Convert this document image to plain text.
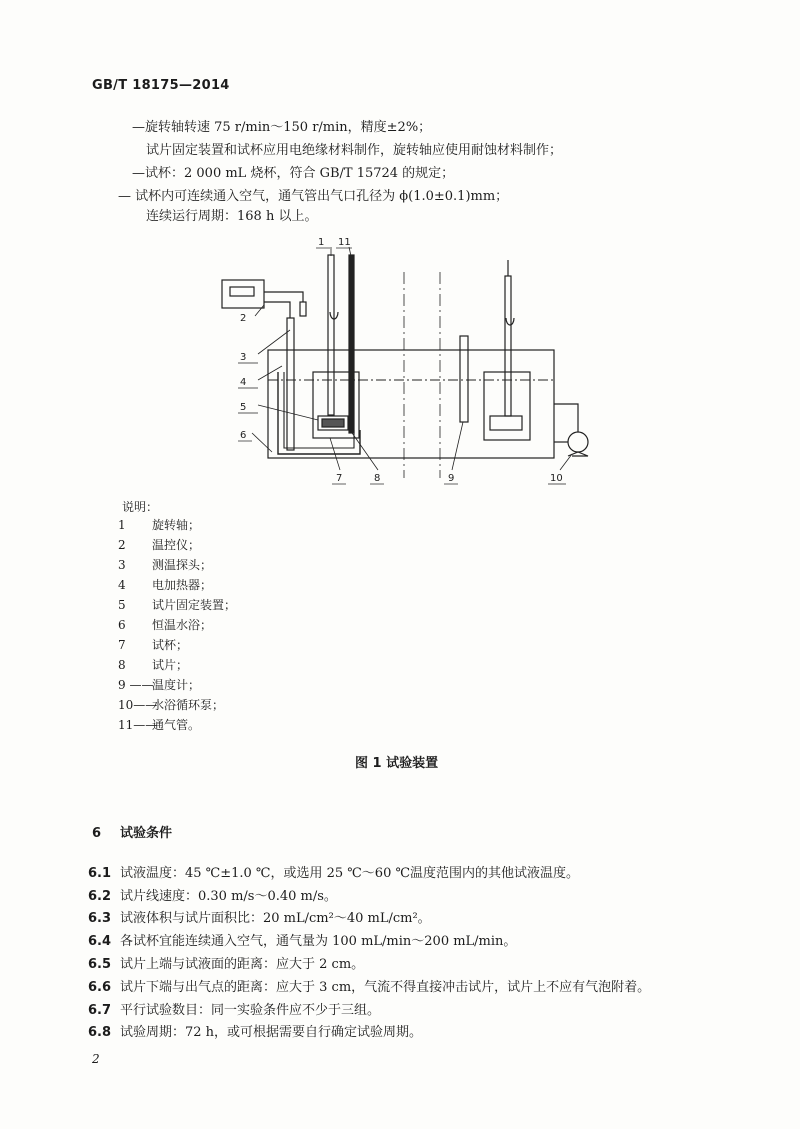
GB/T 18175—2014
—旋转轴转速 75 r/min～150 r/min，精度±2%；
试片固定装置和试杯应用电绝缘材料制作，旋转轴应使用耐蚀材料制作；
—试杯：2 000 mL 烧杯，符合 GB/T 15724 的规定；
— 试杯内可连续通入空气，通气管出气口孔径为 ϕ(1.0±0.1)mm；
连续运行周期：168 h 以上。
1 11
2
3
4
5
6
7	8	9	10
说明：
1 旋转轴；
2 温控仪；
3 测温探头；
4 电加热器；
5 试片固定装置；
6 恒温水浴；
7 试杯；
8 试片；
9 ——温度计；
10——水浴循环泵；
11——通气管。
图 1 试验装置
6 试验条件
6.1 试液温度：45 ℃±1.0 ℃，或选用 25 ℃～60 ℃温度范围内的其他试液温度。
6.2 试片线速度：0.30 m/s～0.40 m/s。
6.3 试液体积与试片面积比：20 mL/cm²～40 mL/cm²。
6.4 各试杯宜能连续通入空气，通气量为 100 mL/min～200 mL/min。
6.5 试片上端与试液面的距离：应大于 2 cm。
6.6 试片下端与出气点的距离：应大于 3 cm，气流不得直接冲击试片，试片上不应有气泡附着。
6.7 平行试验数目：同一实验条件应不少于三组。
6.8 试验周期：72 h，或可根据需要自行确定试验周期。
2
